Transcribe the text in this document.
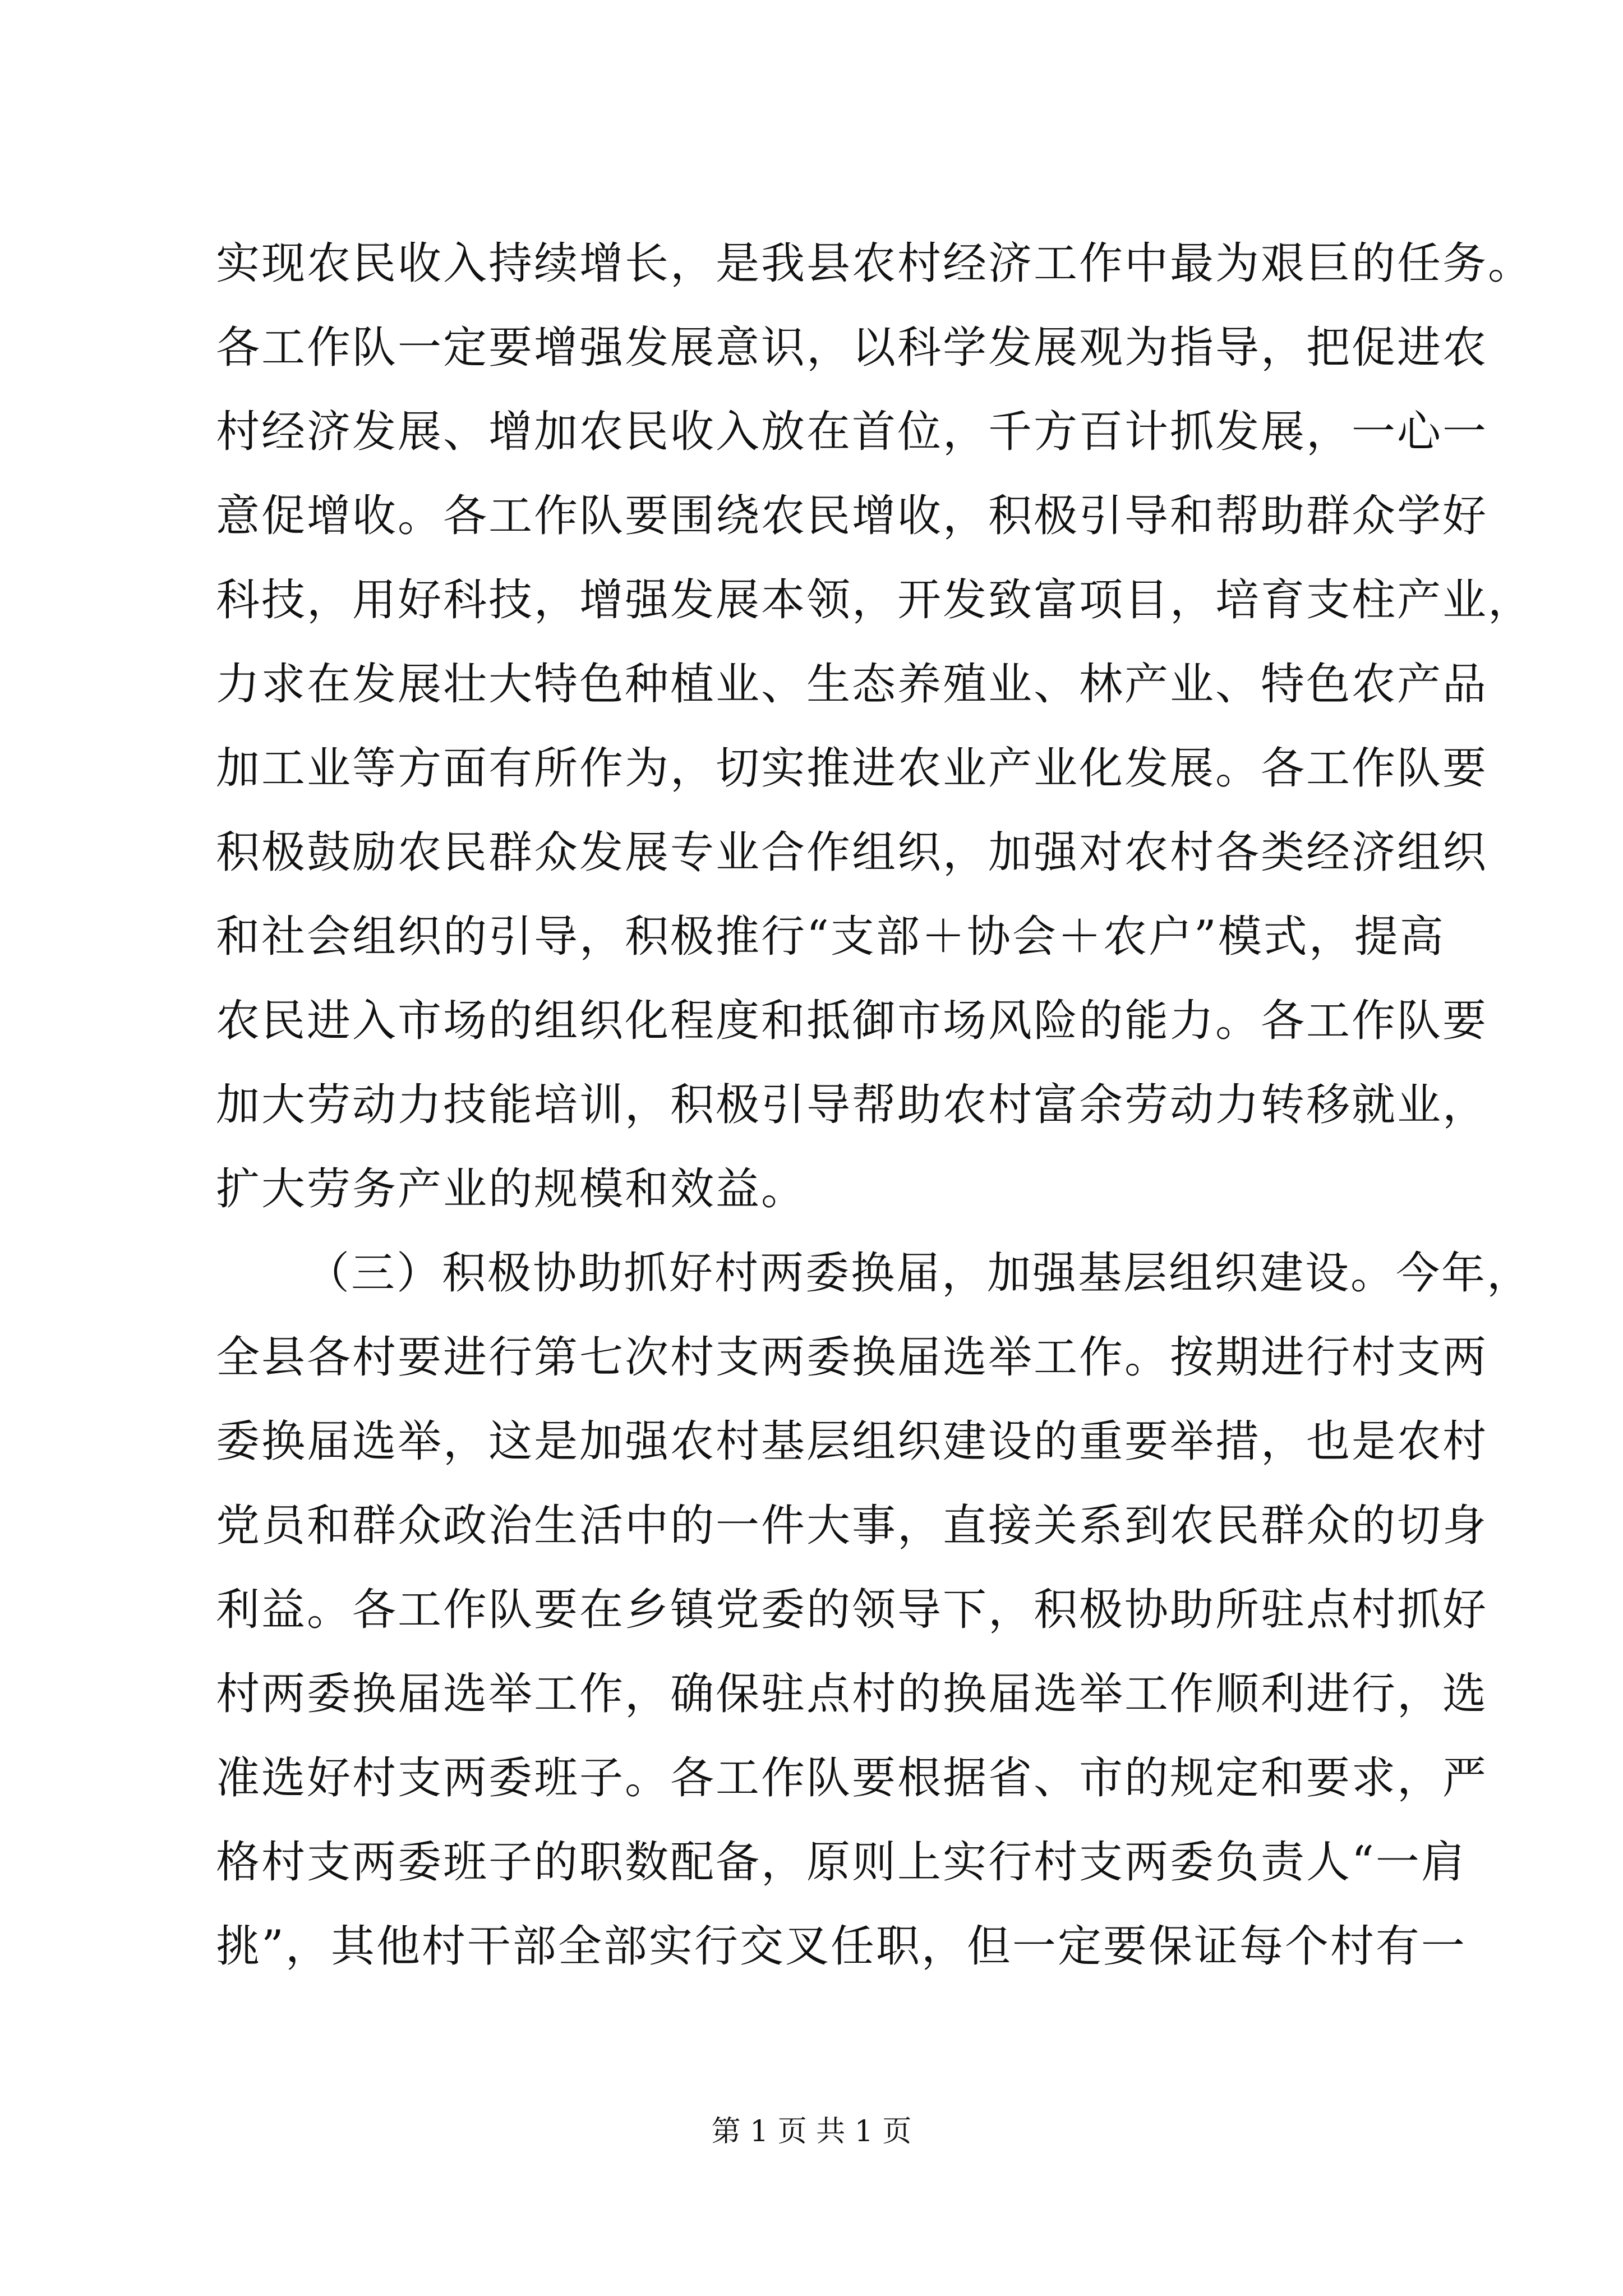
实现农民收入持续增长，是我县农村经济工作中最为艰巨的任务。
各工作队一定要增强发展意识，以科学发展观为指导，把促进农
村经济发展、增加农民收入放在首位，千方百计抓发展，一心一
意促增收。各工作队要围绕农民增收，积极引导和帮助群众学好
科技，用好科技，增强发展本领，开发致富项目，培育支柱产业，
力求在发展壮大特色种植业、生态养殖业、林产业、特色农产品
加工业等方面有所作为，切实推进农业产业化发展。各工作队要
积极鼓励农民群众发展专业合作组织，加强对农村各类经济组织
和社会组织的引导，积极推行“支部＋协会＋农户”模式，提高
农民进入市场的组织化程度和抵御市场风险的能力。各工作队要
加大劳动力技能培训，积极引导帮助农村富余劳动力转移就业，
扩大劳务产业的规模和效益。
（三）积极协助抓好村两委换届，加强基层组织建设。今年，
全县各村要进行第七次村支两委换届选举工作。按期进行村支两
委换届选举，这是加强农村基层组织建设的重要举措，也是农村
党员和群众政治生活中的一件大事，直接关系到农民群众的切身
利益。各工作队要在乡镇党委的领导下，积极协助所驻点村抓好
村两委换届选举工作，确保驻点村的换届选举工作顺利进行，选
准选好村支两委班子。各工作队要根据省、市的规定和要求，严
格村支两委班子的职数配备，原则上实行村支两委负责人“一肩
挑”，其他村干部全部实行交叉任职，但一定要保证每个村有一
第 1 页 共 1 页
